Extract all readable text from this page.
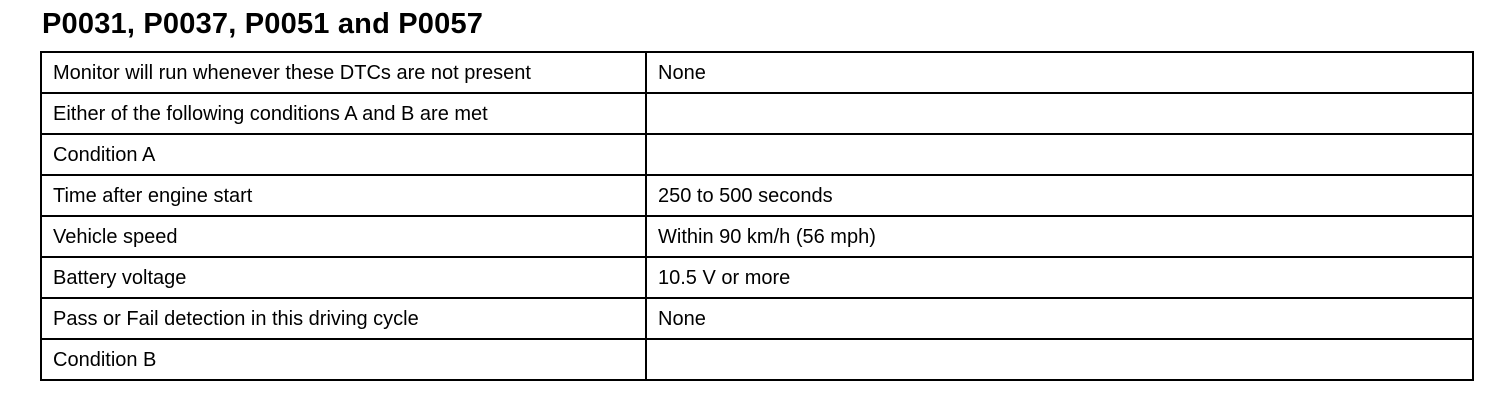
P0031, P0037, P0051 and P0057
Monitor will run whenever these DTCs are not present	None
Either of the following conditions A and B are met	
Condition A	
Time after engine start	250 to 500 seconds
Vehicle speed	Within 90 km/h (56 mph)
Battery voltage	10.5 V or more
Pass or Fail detection in this driving cycle	None
Condition B	
